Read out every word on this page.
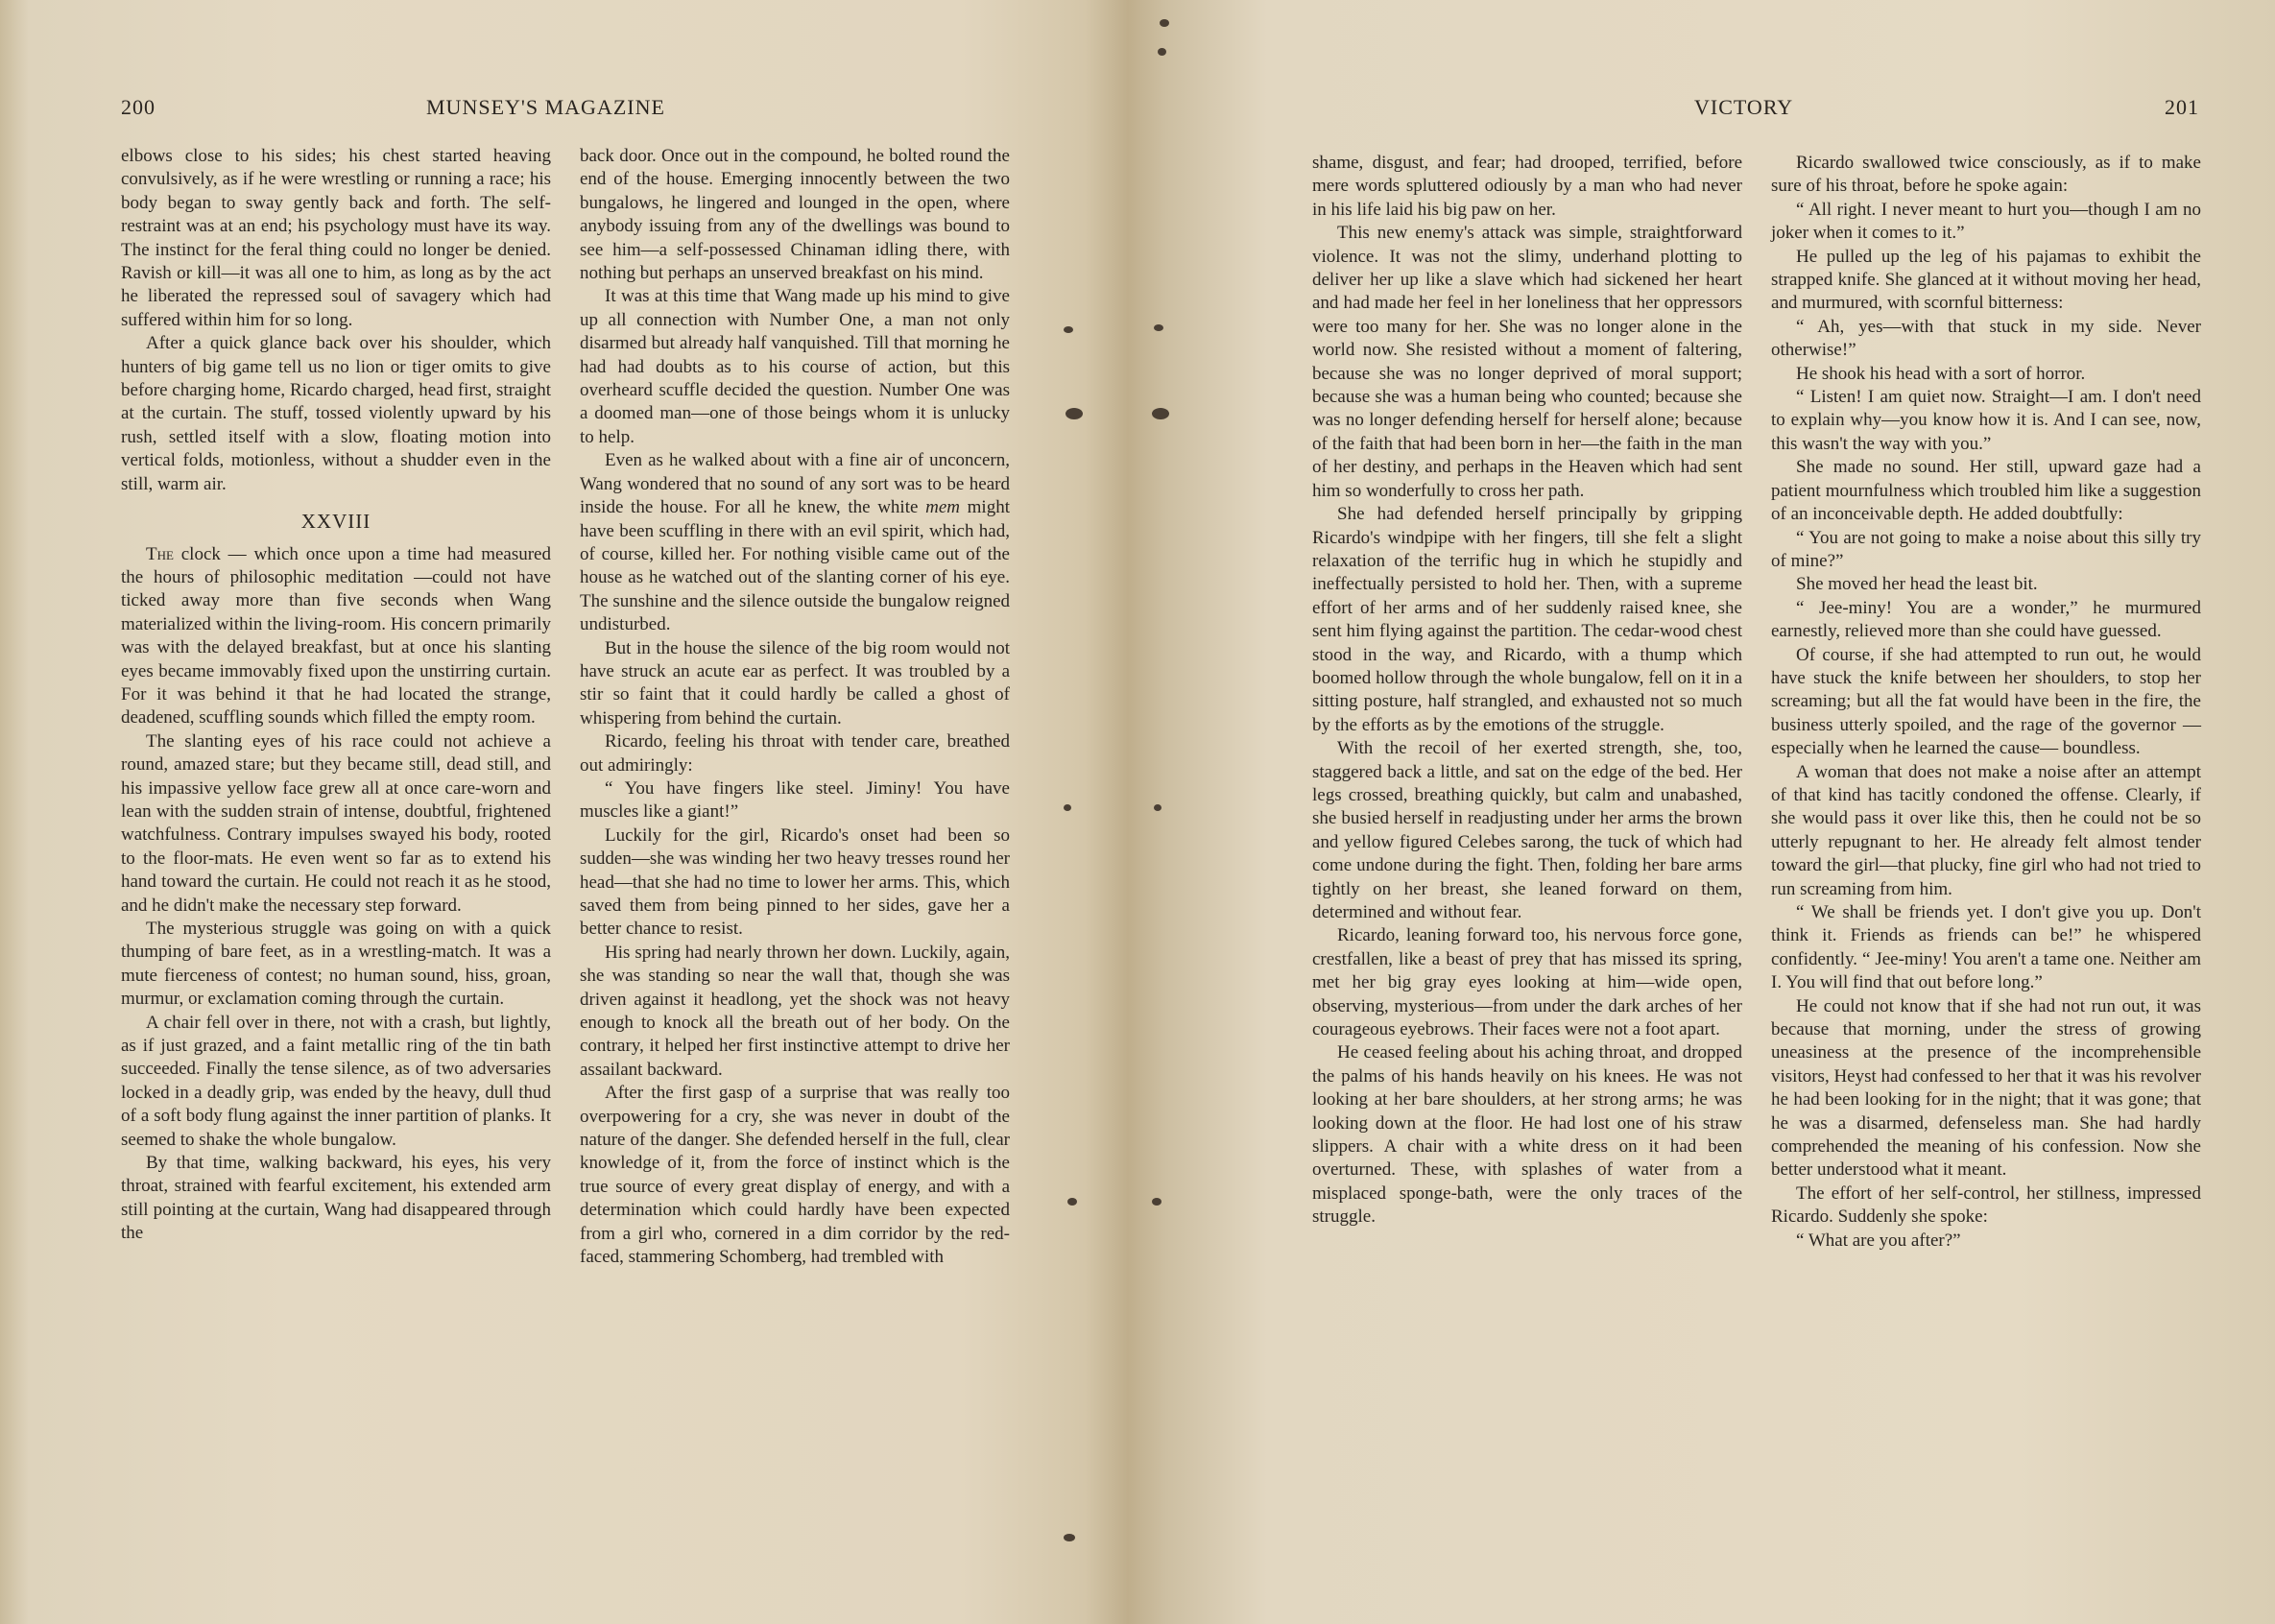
200	MUNSEY'S MAGAZINE

elbows close to his sides; his chest started heaving convulsively, as if he were wrestling or running a race; his body began to sway gently back and forth. The self-restraint was at an end; his psychology must have its way. The instinct for the feral thing could no longer be denied. Ravish or kill—it was all one to him, as long as by the act he liberated the repressed soul of savagery which had suffered within him for so long.

After a quick glance back over his shoulder, which hunters of big game tell us no lion or tiger omits to give before charging home, Ricardo charged, head first, straight at the curtain. The stuff, tossed violently upward by his rush, settled itself with a slow, floating motion into vertical folds, motionless, without a shudder even in the still, warm air.

XXVIII

The clock — which once upon a time had measured the hours of philosophic meditation —could not have ticked away more than five seconds when Wang materialized within the living-room. His concern primarily was with the delayed breakfast, but at once his slanting eyes became immovably fixed upon the unstirring curtain. For it was behind it that he had located the strange, deadened, scuffling sounds which filled the empty room.

The slanting eyes of his race could not achieve a round, amazed stare; but they became still, dead still, and his impassive yellow face grew all at once care-worn and lean with the sudden strain of intense, doubtful, frightened watchfulness. Contrary impulses swayed his body, rooted to the floor-mats. He even went so far as to extend his hand toward the curtain. He could not reach it as he stood, and he didn't make the necessary step forward.

The mysterious struggle was going on with a quick thumping of bare feet, as in a wrestling-match. It was a mute fierceness of contest; no human sound, hiss, groan, murmur, or exclamation coming through the curtain.

A chair fell over in there, not with a crash, but lightly, as if just grazed, and a faint metallic ring of the tin bath succeeded. Finally the tense silence, as of two adversaries locked in a deadly grip, was ended by the heavy, dull thud of a soft body flung against the inner partition of planks. It seemed to shake the whole bungalow.

By that time, walking backward, his eyes, his very throat, strained with fearful excitement, his extended arm still pointing at the curtain, Wang had disappeared through the

back door. Once out in the compound, he bolted round the end of the house. Emerging innocently between the two bungalows, he lingered and lounged in the open, where anybody issuing from any of the dwellings was bound to see him—a self-possessed Chinaman idling there, with nothing but perhaps an unserved breakfast on his mind.

It was at this time that Wang made up his mind to give up all connection with Number One, a man not only disarmed but already half vanquished. Till that morning he had had doubts as to his course of action, but this overheard scuffle decided the question. Number One was a doomed man—one of those beings whom it is unlucky to help.

Even as he walked about with a fine air of unconcern, Wang wondered that no sound of any sort was to be heard inside the house. For all he knew, the white mem might have been scuffling in there with an evil spirit, which had, of course, killed her. For nothing visible came out of the house as he watched out of the slanting corner of his eye. The sunshine and the silence outside the bungalow reigned undisturbed.

But in the house the silence of the big room would not have struck an acute ear as perfect. It was troubled by a stir so faint that it could hardly be called a ghost of whispering from behind the curtain.

Ricardo, feeling his throat with tender care, breathed out admiringly:

“ You have fingers like steel. Jiminy! You have muscles like a giant!”

Luckily for the girl, Ricardo's onset had been so sudden—she was winding her two heavy tresses round her head—that she had no time to lower her arms. This, which saved them from being pinned to her sides, gave her a better chance to resist.

His spring had nearly thrown her down. Luckily, again, she was standing so near the wall that, though she was driven against it headlong, yet the shock was not heavy enough to knock all the breath out of her body. On the contrary, it helped her first instinctive attempt to drive her assailant backward.

After the first gasp of a surprise that was really too overpowering for a cry, she was never in doubt of the nature of the danger. She defended herself in the full, clear knowledge of it, from the force of instinct which is the true source of every great display of energy, and with a determination which could hardly have been expected from a girl who, cornered in a dim corridor by the red-faced, stammering Schomberg, had trembled with

VICTORY	201

shame, disgust, and fear; had drooped, terrified, before mere words spluttered odiously by a man who had never in his life laid his big paw on her.

This new enemy's attack was simple, straightforward violence. It was not the slimy, underhand plotting to deliver her up like a slave which had sickened her heart and had made her feel in her loneliness that her oppressors were too many for her. She was no longer alone in the world now. She resisted without a moment of faltering, because she was no longer deprived of moral support; because she was a human being who counted; because she was no longer defending herself for herself alone; because of the faith that had been born in her—the faith in the man of her destiny, and perhaps in the Heaven which had sent him so wonderfully to cross her path.

She had defended herself principally by gripping Ricardo's windpipe with her fingers, till she felt a slight relaxation of the terrific hug in which he stupidly and ineffectually persisted to hold her. Then, with a supreme effort of her arms and of her suddenly raised knee, she sent him flying against the partition. The cedar-wood chest stood in the way, and Ricardo, with a thump which boomed hollow through the whole bungalow, fell on it in a sitting posture, half strangled, and exhausted not so much by the efforts as by the emotions of the struggle.

With the recoil of her exerted strength, she, too, staggered back a little, and sat on the edge of the bed. Her legs crossed, breathing quickly, but calm and unabashed, she busied herself in readjusting under her arms the brown and yellow figured Celebes sarong, the tuck of which had come undone during the fight. Then, folding her bare arms tightly on her breast, she leaned forward on them, determined and without fear.

Ricardo, leaning forward too, his nervous force gone, crestfallen, like a beast of prey that has missed its spring, met her big gray eyes looking at him—wide open, observing, mysterious—from under the dark arches of her courageous eyebrows. Their faces were not a foot apart.

He ceased feeling about his aching throat, and dropped the palms of his hands heavily on his knees. He was not looking at her bare shoulders, at her strong arms; he was looking down at the floor. He had lost one of his straw slippers. A chair with a white dress on it had been overturned. These, with splashes of water from a misplaced sponge-bath, were the only traces of the struggle.

Ricardo swallowed twice consciously, as if to make sure of his throat, before he spoke again:

“ All right. I never meant to hurt you—though I am no joker when it comes to it.”

He pulled up the leg of his pajamas to exhibit the strapped knife. She glanced at it without moving her head, and murmured, with scornful bitterness:

“ Ah, yes—with that stuck in my side. Never otherwise!”

He shook his head with a sort of horror.

“ Listen! I am quiet now. Straight—I am. I don't need to explain why—you know how it is. And I can see, now, this wasn't the way with you.”

She made no sound. Her still, upward gaze had a patient mournfulness which troubled him like a suggestion of an inconceivable depth. He added doubtfully:

“ You are not going to make a noise about this silly try of mine?”

She moved her head the least bit.

“ Jee-miny! You are a wonder,” he murmured earnestly, relieved more than she could have guessed.

Of course, if she had attempted to run out, he would have stuck the knife between her shoulders, to stop her screaming; but all the fat would have been in the fire, the business utterly spoiled, and the rage of the governor —especially when he learned the cause— boundless.

A woman that does not make a noise after an attempt of that kind has tacitly condoned the offense. Clearly, if she would pass it over like this, then he could not be so utterly repugnant to her. He already felt almost tender toward the girl—that plucky, fine girl who had not tried to run screaming from him.

“ We shall be friends yet. I don't give you up. Don't think it. Friends as friends can be!” he whispered confidently. “ Jee-miny! You aren't a tame one. Neither am I. You will find that out before long.”

He could not know that if she had not run out, it was because that morning, under the stress of growing uneasiness at the presence of the incomprehensible visitors, Heyst had confessed to her that it was his revolver he had been looking for in the night; that it was gone; that he was a disarmed, defenseless man. She had hardly comprehended the meaning of his confession. Now she better understood what it meant.

The effort of her self-control, her stillness, impressed Ricardo. Suddenly she spoke:

“ What are you after?”
